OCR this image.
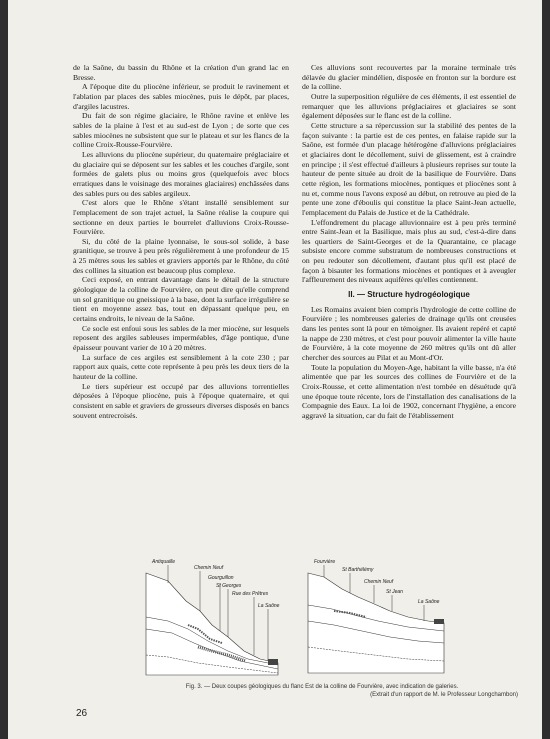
de la Saône, du bassin du Rhône et la création d'un grand lac en Bresse.

A l'époque dite du pliocène inférieur, se produit le ravinement et l'ablation par places des sables miocènes, puis le dépôt, par places, d'argiles lacustres.

Du fait de son régime glaciaire, le Rhône ravine et enlève les sables de la plaine à l'est et au sud-est de Lyon ; de sorte que ces sables miocènes ne subsistent que sur le plateau et sur les flancs de la colline Croix-Rousse-Fourvière.

Les alluvions du pliocène supérieur, du quaternaire préglaciaire et du glaciaire qui se déposent sur les sables et les couches d'argile, sont formées de galets plus ou moins gros (quelquefois avec blocs erratiques dans le voisinage des moraines glaciaires) enchâssées dans des sables purs ou des sables argileux.

C'est alors que le Rhône s'étant installé sensiblement sur l'emplacement de son trajet actuel, la Saône réalise la coupure qui sectionne en deux parties le bourrelet d'alluvions Croix-Rousse-Fourvière.

Si, du côté de la plaine lyonnaise, le sous-sol solide, à base granitique, se trouve à peu près régulièrement à une profondeur de 15 à 25 mètres sous les sables et graviers apportés par le Rhône, du côté des collines la situation est beaucoup plus complexe.

Ceci exposé, en entrant davantage dans le détail de la structure géologique de la colline de Fourvière, on peut dire qu'elle comprend un sol granitique ou gneissique à la base, dont la surface irrégulière se tient en moyenne assez bas, tout en dépassant quelque peu, en certains endroits, le niveau de la Saône.

Ce socle est enfoui sous les sables de la mer miocène, sur lesquels reposent des argiles sableuses imperméables, d'âge pontique, d'une épaisseur pouvant varier de 10 à 20 mètres.

La surface de ces argiles est sensiblement à la cote 230 ; par rapport aux quais, cette cote représente à peu près les deux tiers de la hauteur de la colline.

Le tiers supérieur est occupé par des alluvions torrentielles déposées à l'époque pliocène, puis à l'époque quaternaire, et qui consistent en sable et graviers de grosseurs diverses disposés en bancs souvent entrecroisés.

Ces alluvions sont recouvertes par la moraine terminale très délavée du glacier mindélien, disposée en fronton sur la bordure est de la colline.

Outre la superposition régulière de ces éléments, il est essentiel de remarquer que les alluvions préglaciaires et glaciaires se sont également déposées sur le flanc est de la colline.

Cette structure a sa répercussion sur la stabilité des pentes de la façon suivante : la partie est de ces pentes, en falaise rapide sur la Saône, est formée d'un placage hétérogène d'alluvions préglaciaires et glaciaires dont le décollement, suivi de glissement, est à craindre en principe ; il s'est effectué d'ailleurs à plusieurs reprises sur toute la hauteur de pente située au droit de la basilique de Fourvière. Dans cette région, les formations miocènes, pontiques et pliocènes sont à nu et, comme nous l'avons exposé au début, on retrouve au pied de la pente une zone d'éboulis qui constitue la place Saint-Jean actuelle, l'emplacement du Palais de Justice et de la Cathédrale.

L'effondrement du placage alluvionnaire est à peu près terminé entre Saint-Jean et la Basilique, mais plus au sud, c'est-à-dire dans les quartiers de Saint-Georges et de la Quarantaine, ce placage subsiste encore comme substratum de nombreuses constructions et on peu redouter son décollement, d'autant plus qu'il est placé de façon à bisauter les formations miocènes et pontiques et à aveugler l'affleurement des niveaux aquifères qu'elles contiennent.

II. — Structure hydrogéologique

Les Romains avaient bien compris l'hydrologie de cette colline de Fourvière ; les nombreuses galeries de drainage qu'ils ont creusées dans les pentes sont là pour en témoigner. Ils avaient repéré et capté la nappe de 230 mètres, et c'est pour pouvoir alimenter la ville haute de Fourvière, à la cote moyenne de 260 mètres qu'ils ont dû aller chercher des sources au Pilat et au Mont-d'Or.

Toute la population du Moyen-Age, habitant la ville basse, n'a été alimentée que par les sources des collines de Fourvière et de la Croix-Rousse, et cette alimentation n'est tombée en désuétude qu'à une époque toute récente, lors de l'installation des canalisations de la Compagnie des Eaux. La loi de 1902, concernant l'hygiène, a encore aggravé la situation, car du fait de l'établissement

Antiquaille
Chemin Neuf
Gourguillon
St Georges
Rue des Prêtres
La Saône
Fourvière
St Barthélémy
Chemin Neuf
St Jean
La Saône
Fig. 3. — Deux coupes géologiques du flanc Est de la colline de Fourvière, avec indication de galeries.
(Extrait d'un rapport de M. le Professeur Longchambon)
26
